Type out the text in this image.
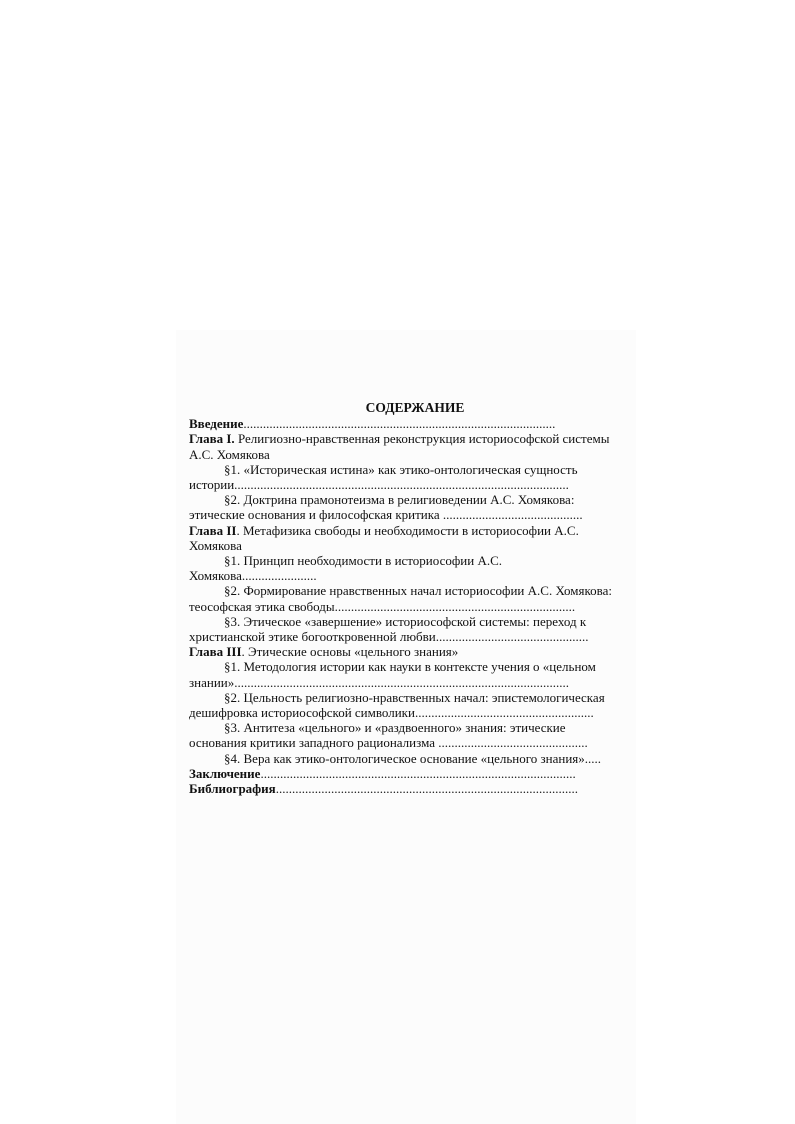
СОДЕРЖАНИЕ
Введение................................................................................................
Глава I. Религиозно-нравственная реконструкция историософской системы
А.С. Хомякова
§1. «Историческая истина» как этико-онтологическая сущность
истории.......................................................................................................
§2. Доктрина прамонотеизма в религиоведении А.С. Хомякова:
этические основания и философская критика ...........................................
Глава II. Метафизика свободы и необходимости в историософии А.С.
Хомякова
§1. Принцип необходимости в историософии А.С.
Хомякова.......................
§2. Формирование нравственных начал историософии А.С. Хомякова:
теософская этика свободы..........................................................................
§3. Этическое «завершение» историософской системы: переход к
христианской этике богооткровенной любви...............................................
Глава III. Этические основы «цельного знания»
§1. Методология истории как науки в контексте учения о «цельном
знании».......................................................................................................
§2. Цельность религиозно-нравственных начал: эпистемологическая
дешифровка историософской символики.......................................................
§3. Антитеза «цельного» и «раздвоенного» знания: этические
основания критики западного рационализма ..............................................
§4. Вера как этико-онтологическое основание «цельного знания».....
Заключение.................................................................................................
Библиография.............................................................................................
